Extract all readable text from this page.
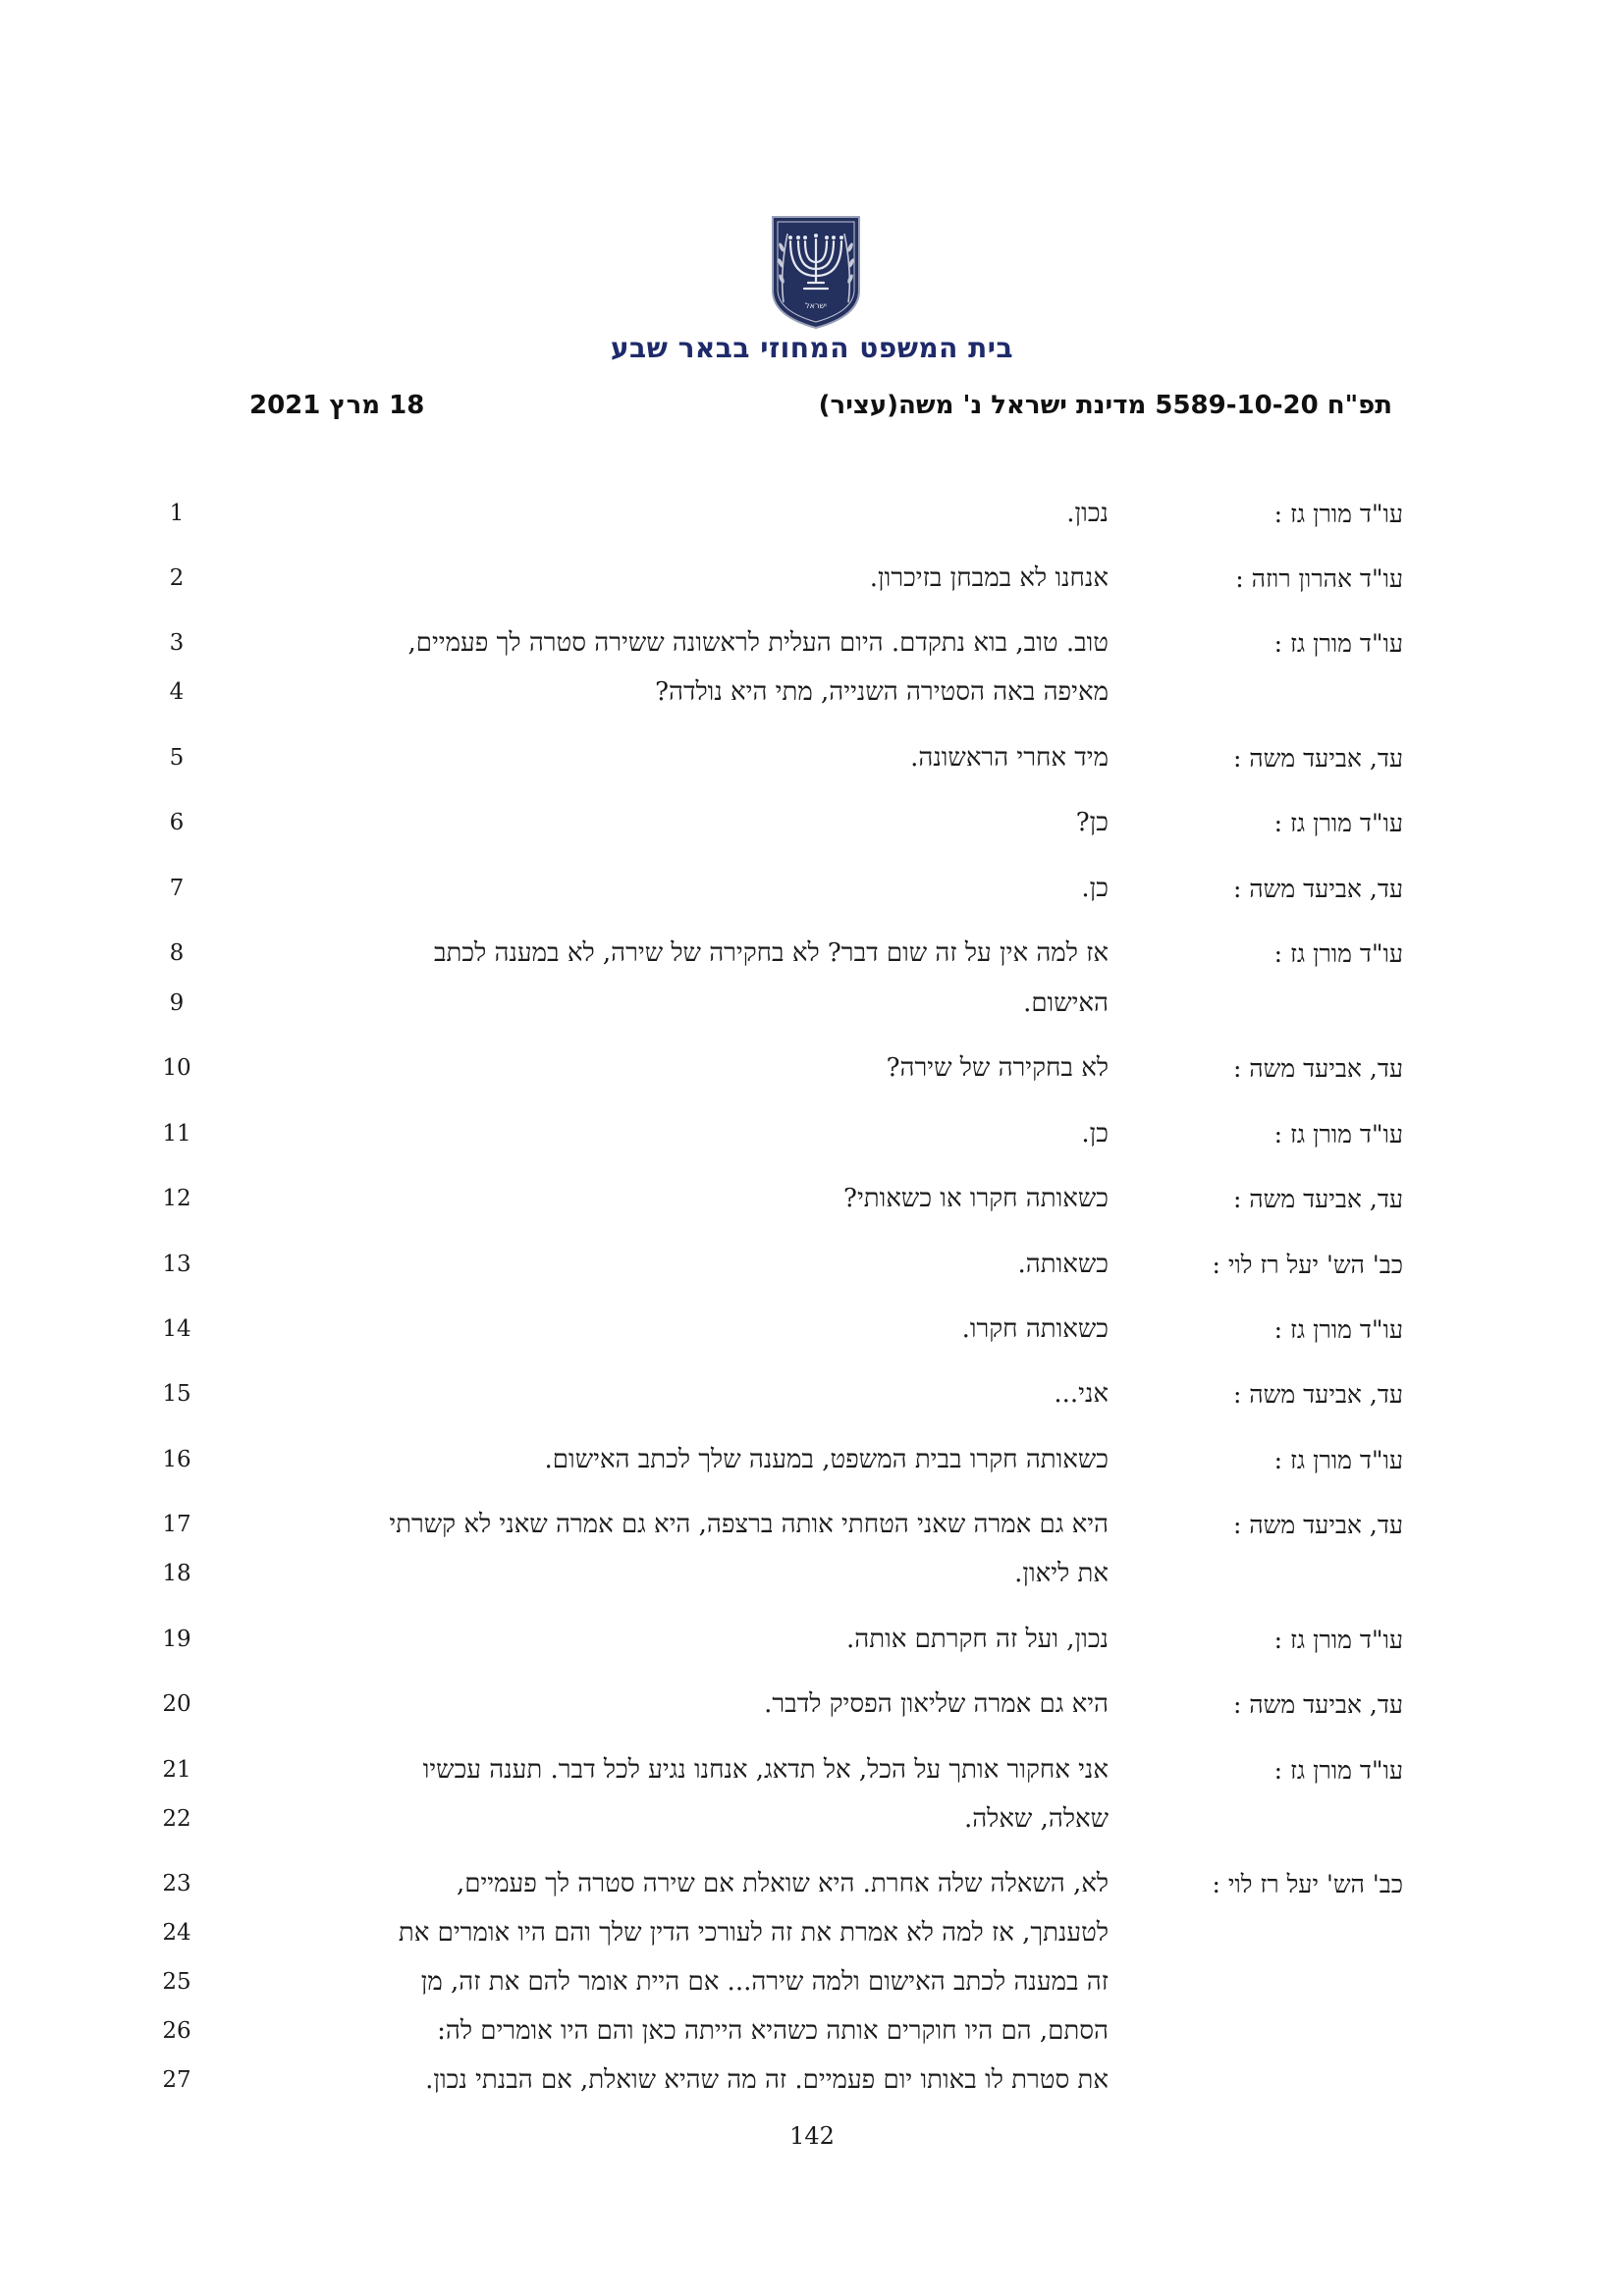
ישראל
בית המשפט המחוזי בבאר שבע
תפ"ח 5589-10-20 מדינת ישראל נ' משה(עציר)
18 מרץ 2021
עו"ד מורן גז :
נכון.
עו"ד אהרון רוזה :
אנחנו לא במבחן בזיכרון.
עו"ד מורן גז :
טוב. טוב, בוא נתקדם. היום העלית לראשונה ששירה סטרה לך פעמיים,
מאיפה באה הסטירה השנייה, מתי היא נולדה?
עד, אביעד משה :
מיד אחרי הראשונה.
עו"ד מורן גז :
כן?
עד, אביעד משה :
כן.
עו"ד מורן גז :
אז למה אין על זה שום דבר? לא בחקירה של שירה, לא במענה לכתב
האישום.
עד, אביעד משה :
לא בחקירה של שירה?
עו"ד מורן גז :
כן.
עד, אביעד משה :
כשאותה חקרו או כשאותי?
כב' הש' יעל רז לוי :
כשאותה.
עו"ד מורן גז :
כשאותה חקרו.
עד, אביעד משה :
אני...
עו"ד מורן גז :
כשאותה חקרו בבית המשפט, במענה שלך לכתב האישום.
עד, אביעד משה :
היא גם אמרה שאני הטחתי אותה ברצפה, היא גם אמרה שאני לא קשרתי
את ליאון.
עו"ד מורן גז :
נכון, ועל זה חקרתם אותה.
עד, אביעד משה :
היא גם אמרה שליאון הפסיק לדבר.
עו"ד מורן גז :
אני אחקור אותך על הכל, אל תדאג, אנחנו נגיע לכל דבר. תענה עכשיו
שאלה, שאלה.
כב' הש' יעל רז לוי :
לא, השאלה שלה אחרת. היא שואלת אם שירה סטרה לך פעמיים,
לטענתך, אז למה לא אמרת את זה לעורכי הדין שלך והם היו אומרים את
זה במענה לכתב האישום ולמה שירה... אם היית אומר להם את זה, מן
הסתם, הם היו חוקרים אותה כשהיא הייתה כאן והם היו אומרים לה:
את סטרת לו באותו יום פעמיים. זה מה שהיא שואלת, אם הבנתי נכון.
1
2
3
4
5
6
7
8
9
10
11
12
13
14
15
16
17
18
19
20
21
22
23
24
25
26
27
142
